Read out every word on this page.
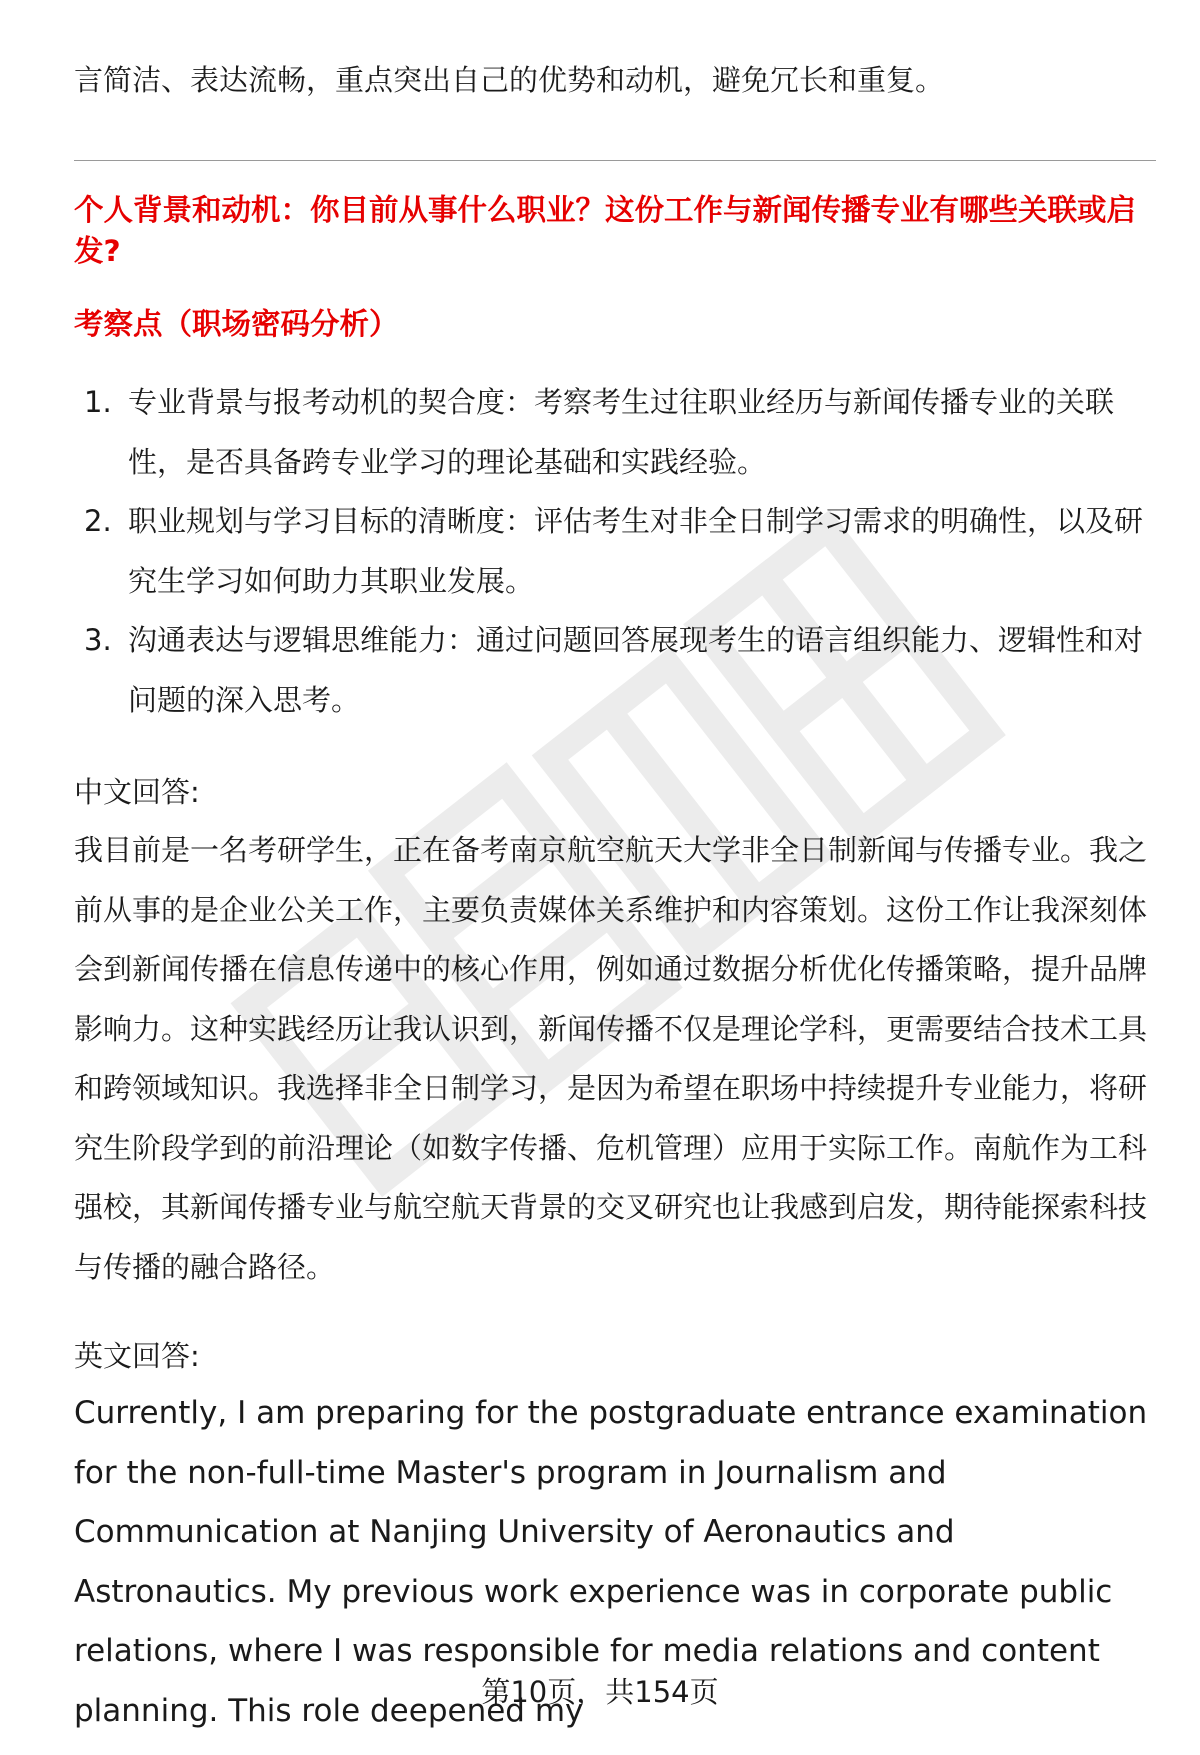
言简洁、表达流畅，重点突出自己的优势和动机，避免冗长和重复。
个人背景和动机：你目前从事什么职业？这份工作与新闻传播专业有哪些关联或启发?
考察点（职场密码分析）
1. 专业背景与报考动机的契合度：考察考生过往职业经历与新闻传播专业的关联性，是否具备跨专业学习的理论基础和实践经验。
2. 职业规划与学习目标的清晰度：评估考生对非全日制学习需求的明确性，以及研究生学习如何助力其职业发展。
3. 沟通表达与逻辑思维能力：通过问题回答展现考生的语言组织能力、逻辑性和对问题的深入思考。
中文回答:

我目前是一名考研学生，正在备考南京航空航天大学非全日制新闻与传播专业。我之前从事的是企业公关工作，主要负责媒体关系维护和内容策划。这份工作让我深刻体会到新闻传播在信息传递中的核心作用，例如通过数据分析优化传播策略，提升品牌影响力。这种实践经历让我认识到，新闻传播不仅是理论学科，更需要结合技术工具和跨领域知识。我选择非全日制学习，是因为希望在职场中持续提升专业能力，将研究生阶段学到的前沿理论（如数字传播、危机管理）应用于实际工作。南航作为工科强校，其新闻传播专业与航空航天背景的交叉研究也让我感到启发，期待能探索科技与传播的融合路径。

英文回答:

Currently, I am preparing for the postgraduate entrance examination for the non-full-time Master's program in Journalism and Communication at Nanjing University of Aeronautics and Astronautics. My previous work experience was in corporate public relations, where I was responsible for media relations and content planning. This role deepened my

第10页，共154页
